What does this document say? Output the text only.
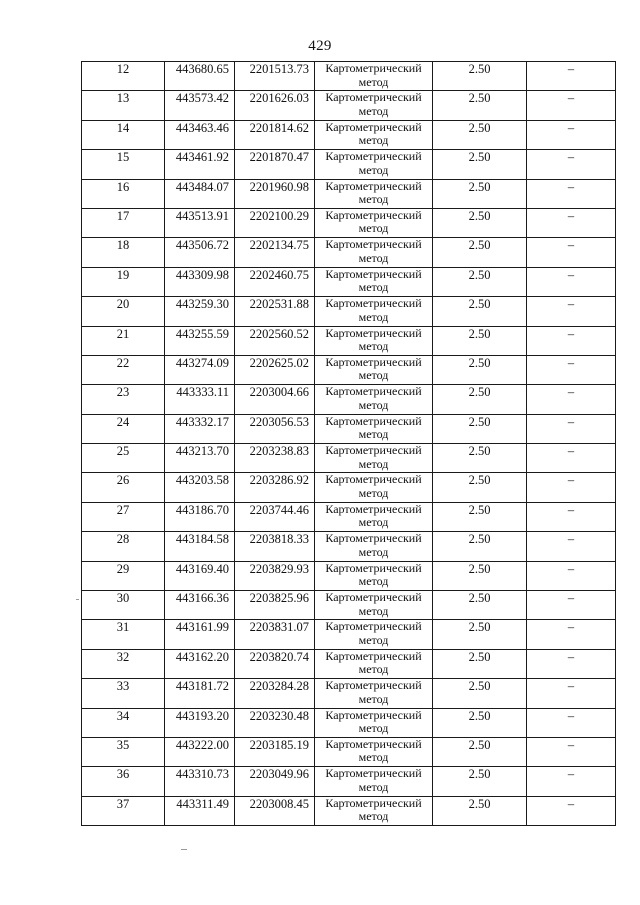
429
12	443680.65	2201513.73	Картометрический метод	2.50	–
13	443573.42	2201626.03	Картометрический метод	2.50	–
14	443463.46	2201814.62	Картометрический метод	2.50	–
15	443461.92	2201870.47	Картометрический метод	2.50	–
16	443484.07	2201960.98	Картометрический метод	2.50	–
17	443513.91	2202100.29	Картометрический метод	2.50	–
18	443506.72	2202134.75	Картометрический метод	2.50	–
19	443309.98	2202460.75	Картометрический метод	2.50	–
20	443259.30	2202531.88	Картометрический метод	2.50	–
21	443255.59	2202560.52	Картометрический метод	2.50	–
22	443274.09	2202625.02	Картометрический метод	2.50	–
23	443333.11	2203004.66	Картометрический метод	2.50	–
24	443332.17	2203056.53	Картометрический метод	2.50	–
25	443213.70	2203238.83	Картометрический метод	2.50	–
26	443203.58	2203286.92	Картометрический метод	2.50	–
27	443186.70	2203744.46	Картометрический метод	2.50	–
28	443184.58	2203818.33	Картометрический метод	2.50	–
29	443169.40	2203829.93	Картометрический метод	2.50	–
30	443166.36	2203825.96	Картометрический метод	2.50	–
31	443161.99	2203831.07	Картометрический метод	2.50	–
32	443162.20	2203820.74	Картометрический метод	2.50	–
33	443181.72	2203284.28	Картометрический метод	2.50	–
34	443193.20	2203230.48	Картометрический метод	2.50	–
35	443222.00	2203185.19	Картометрический метод	2.50	–
36	443310.73	2203049.96	Картометрический метод	2.50	–
37	443311.49	2203008.45	Картометрический метод	2.50	–
